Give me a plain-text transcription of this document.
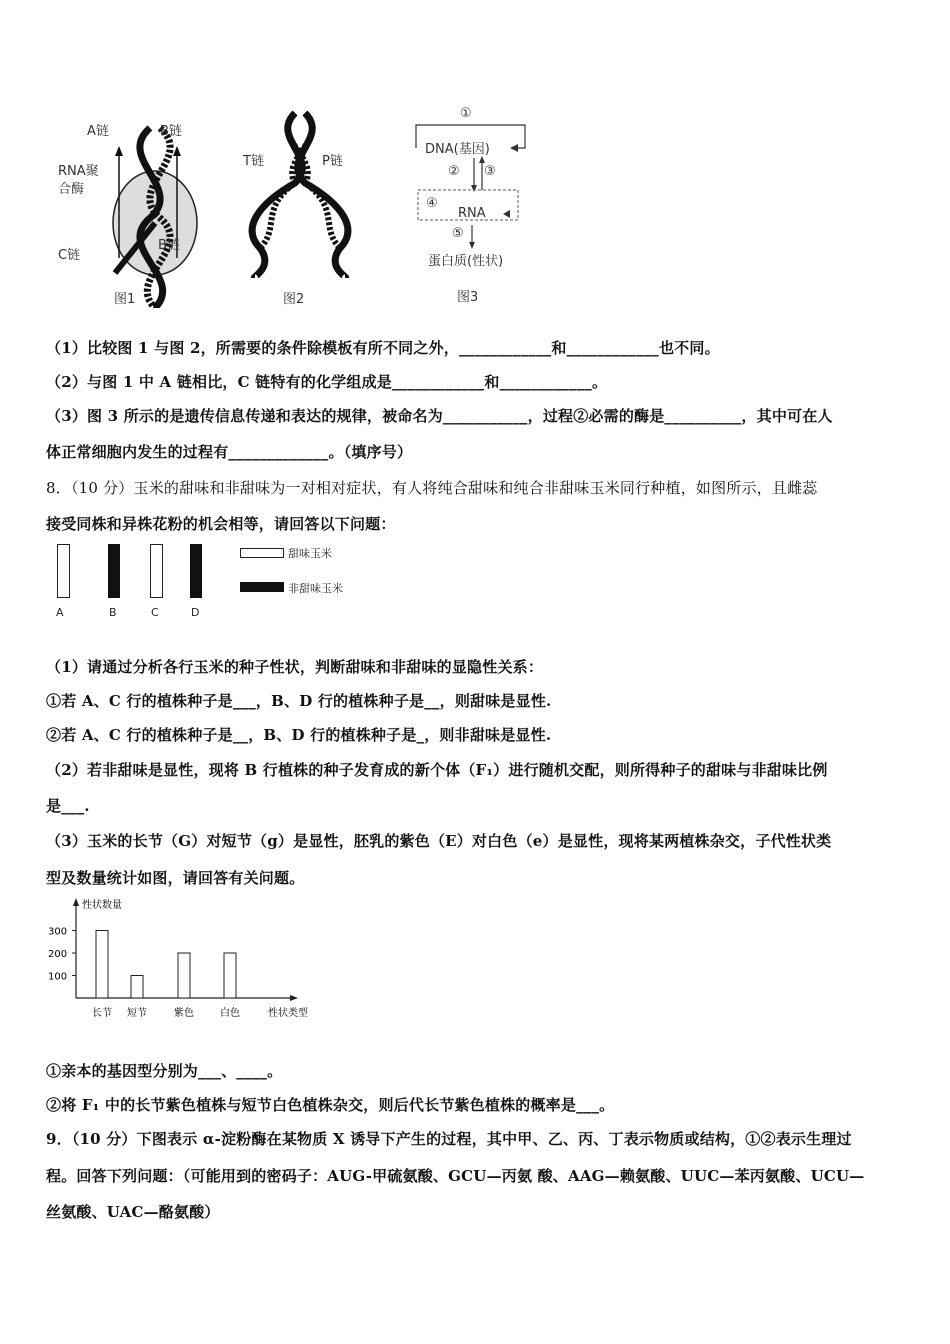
A链	B链
RNA聚
合酶
C链
B链
图1
T链	P链
图2
①
DNA(基因)
② ③
④
RNA
⑤
蛋白质(性状)
图3
（1）比较图 1 与图 2，所需要的条件除模板有所不同之外，____________和____________也不同。
（2）与图 1 中 A 链相比，C 链特有的化学组成是____________和____________。
（3）图 3 所示的是遗传信息传递和表达的规律，被命名为___________，过程②必需的酶是__________，其中可在人
体正常细胞内发生的过程有_____________。（填序号）
8．（10 分）玉米的甜味和非甜味为一对相对症状，有人将纯合甜味和纯合非甜味玉米同行种植，如图所示，且雌蕊
接受同株和异株花粉的机会相等，请回答以下问题：
A	B	C	D
甜味玉米
非甜味玉米
（1）请通过分析各行玉米的种子性状，判断甜味和非甜味的显隐性关系：
①若 A、C 行的植株种子是___，B、D 行的植株种子是__，则甜味是显性.
②若 A、C 行的植株种子是__，B、D 行的植株种子是_，则非甜味是显性.
（2）若非甜味是显性，现将 B 行植株的种子发育成的新个体（F₁）进行随机交配，则所得种子的甜味与非甜味比例
是___.
（3）玉米的长节（G）对短节（g）是显性，胚乳的紫色（E）对白色（e）是显性，现将某两植株杂交，子代性状类
型及数量统计如图，请回答有关问题。
性状数量
性状类型
300
200
100
长节 短节	紫色	白色
①亲本的基因型分别为___、____。
②将 F₁ 中的长节紫色植株与短节白色植株杂交，则后代长节紫色植株的概率是___。
9．（10 分）下图表示 α-淀粉酶在某物质 X 诱导下产生的过程，其中甲、乙、丙、丁表示物质或结构，①②表示生理过
程。回答下列问题：（可能用到的密码子：AUG-甲硫氨酸、GCU—丙氨 酸、AAG—赖氨酸、UUC—苯丙氨酸、UCU—
丝氨酸、UAC—酪氨酸）
